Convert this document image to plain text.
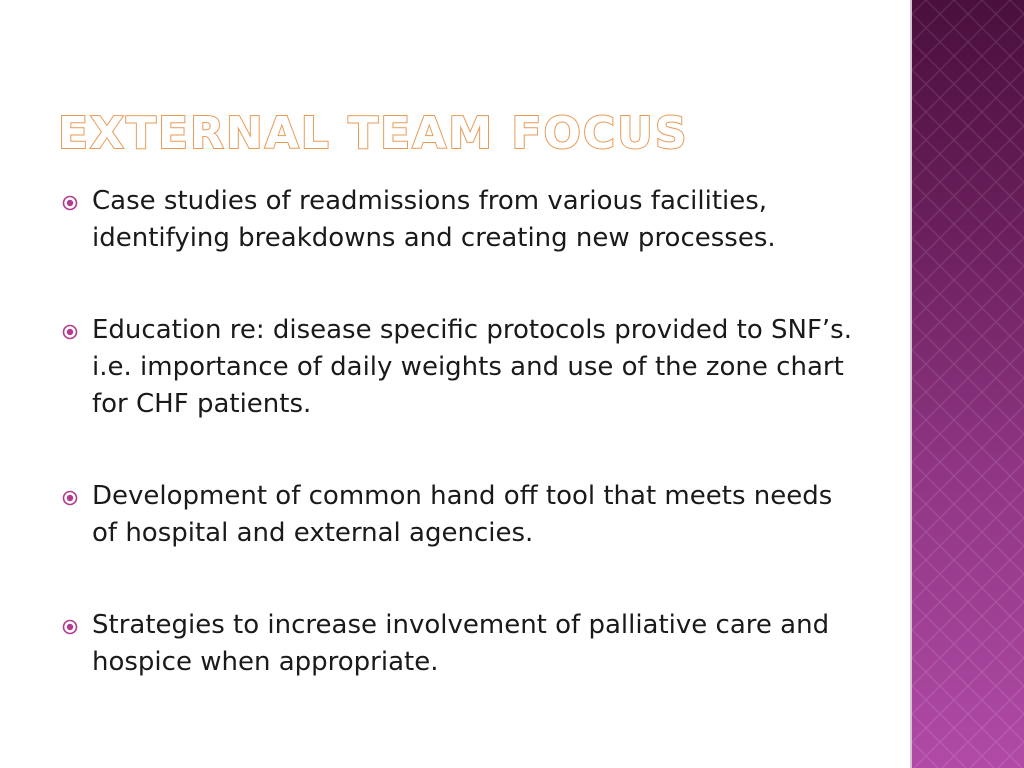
EXTERNAL TEAM FOCUS
Case studies of readmissions from various facilities, identifying breakdowns and creating new processes.
Education re: disease specific protocols provided to SNF’s. i.e. importance of daily weights and use of the zone chart for CHF patients.
Development of common hand off tool that meets needs of hospital and external agencies.
Strategies to increase involvement of palliative care and hospice when appropriate.
